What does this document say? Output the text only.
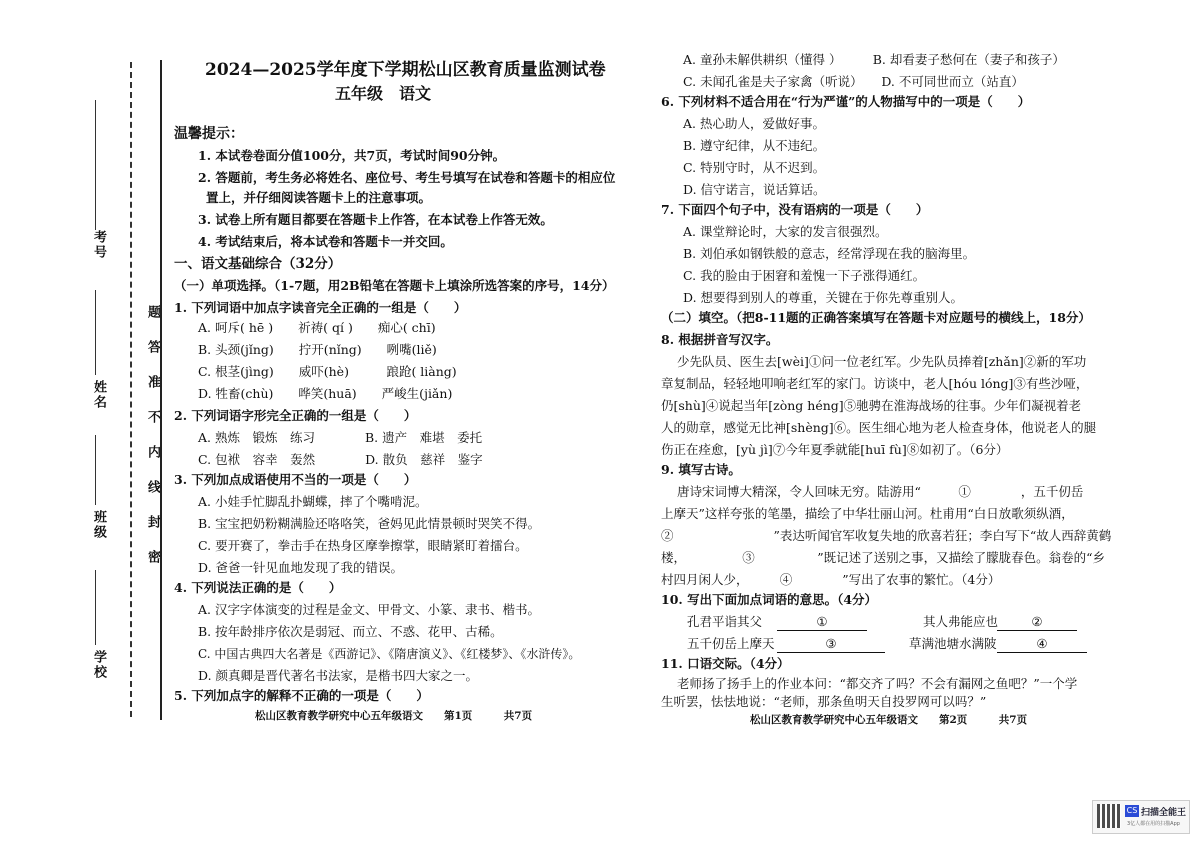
考号
姓名
班级
学校
题
答
准
不
内
线
封
密
2024—2025学年度下学期松山区教育质量监测试卷
五年级　语文
温馨提示：
1. 本试卷卷面分值100分，共7页，考试时间90分钟。
2. 答题前，考生务必将姓名、座位号、考生号填写在试卷和答题卡的相应位
置上，并仔细阅读答题卡上的注意事项。
3. 试卷上所有题目都要在答题卡上作答，在本试卷上作答无效。
4. 考试结束后，将本试卷和答题卡一并交回。
一、语文基础综合（32分）
（一）单项选择。（1-7题，用2B铅笔在答题卡上填涂所选答案的序号，14分）
1. 下列词语中加点字读音完全正确的一组是（　　）
A. 呵斥( hē )　　祈祷( qí )　　痴心( chī)
B. 头颈(jǐng)　　拧开(nǐng)　　咧嘴(liě)
C. 根茎(jìng)　　威吓(hè)　　　踉跄( liàng)
D. 牲畜(chù)　　哗笑(huā)　　严峻生(jiǎn)
2. 下列词语字形完全正确的一组是（　　）
A. 熟炼　锻炼　练习　　　　B. 遗产　难堪　委托
C. 包袱　容幸　轰然　　　　D. 散负　慈祥　鉴字
3. 下列加点成语使用不当的一项是（　　）
A. 小娃手忙脚乱扑蝴蝶，摔了个嘴啃泥。
B. 宝宝把奶粉糊满脸还咯咯笑，爸妈见此情景顿时哭笑不得。
C. 要开赛了，拳击手在热身区摩拳擦掌，眼睛紧盯着擂台。
D. 爸爸一针见血地发现了我的错误。
4. 下列说法正确的是（　　）
A. 汉字字体演变的过程是金文、甲骨文、小篆、隶书、楷书。
B. 按年龄排序依次是弱冠、而立、不惑、花甲、古稀。
C. 中国古典四大名著是《西游记》、《隋唐演义》、《红楼梦》、《水浒传》。
D. 颜真卿是晋代著名书法家，是楷书四大家之一。
5. 下列加点字的解释不正确的一项是（　　）
松山区教育教学研究中心五年级语文　　第1页　　　共7页
A. 童孙未解供耕织（懂得 ）　　　B. 却看妻子愁何在（妻子和孩子）
C. 未闻孔雀是夫子家禽（听说）　　D. 不可同世而立（站直）
6. 下列材料不适合用在“行为严谨”的人物描写中的一项是（　　）
A. 热心助人，爱做好事。
B. 遵守纪律，从不违纪。
C. 特别守时，从不迟到。
D. 信守诺言，说话算话。
7. 下面四个句子中，没有语病的一项是（　　）
A. 课堂辩论时，大家的发言很强烈。
B. 刘伯承如钢铁般的意志，经常浮现在我的脑海里。
C. 我的脸由于困窘和羞愧一下子涨得通红。
D. 想要得到别人的尊重，关键在于你先尊重别人。
（二）填空。（把8-11题的正确答案填写在答题卡对应题号的横线上，18分）
8. 根据拼音写汉字。
少先队员、医生去[wèi]①问一位老红军。少先队员捧着[zhǎn]②新的军功
章复制品，轻轻地叩响老红军的家门。访谈中，老人[hóu lóng]③有些沙哑，
仍[shù]④说起当年[zòng héng]⑤驰骋在淮海战场的往事。少年们凝视着老
人的勋章，感觉无比神[shèng]⑥。医生细心地为老人检查身体，他说老人的腿
伤正在痊愈，[yù jì]⑦今年夏季就能[huī fù]⑧如初了。（6分）
9. 填写古诗。
唐诗宋词博大精深，令人回味无穷。陆游用“　　　①　　　　，五千仞岳
上摩天”这样夸张的笔墨，描绘了中华壮丽山河。杜甫用“白日放歌须纵酒，
②　　　　　　　　”表达听闻官军收复失地的欣喜若狂；李白写下“故人西辞黄鹤
楼，　　　　　③　　　　　”既记述了送别之事，又描绘了朦胧春色。翁卷的“乡
村四月闲人少，　　　④　　　　”写出了农事的繁忙。（4分）
10. 写出下面加点词语的意思。（4分）
孔君平诣其父	①	其人弗能应也	②
五千仞岳上摩天	③	草满池塘水满陂	④
11. 口语交际。（4分）
老师扬了扬手上的作业本问：“都交齐了吗？不会有漏网之鱼吧？”一个学
生听罢，怯怯地说：“老师，那条鱼明天自投罗网可以吗？”
松山区教育教学研究中心五年级语文　　第2页　　　共7页
CS 扫描全能王
3亿人都在用的扫描App
